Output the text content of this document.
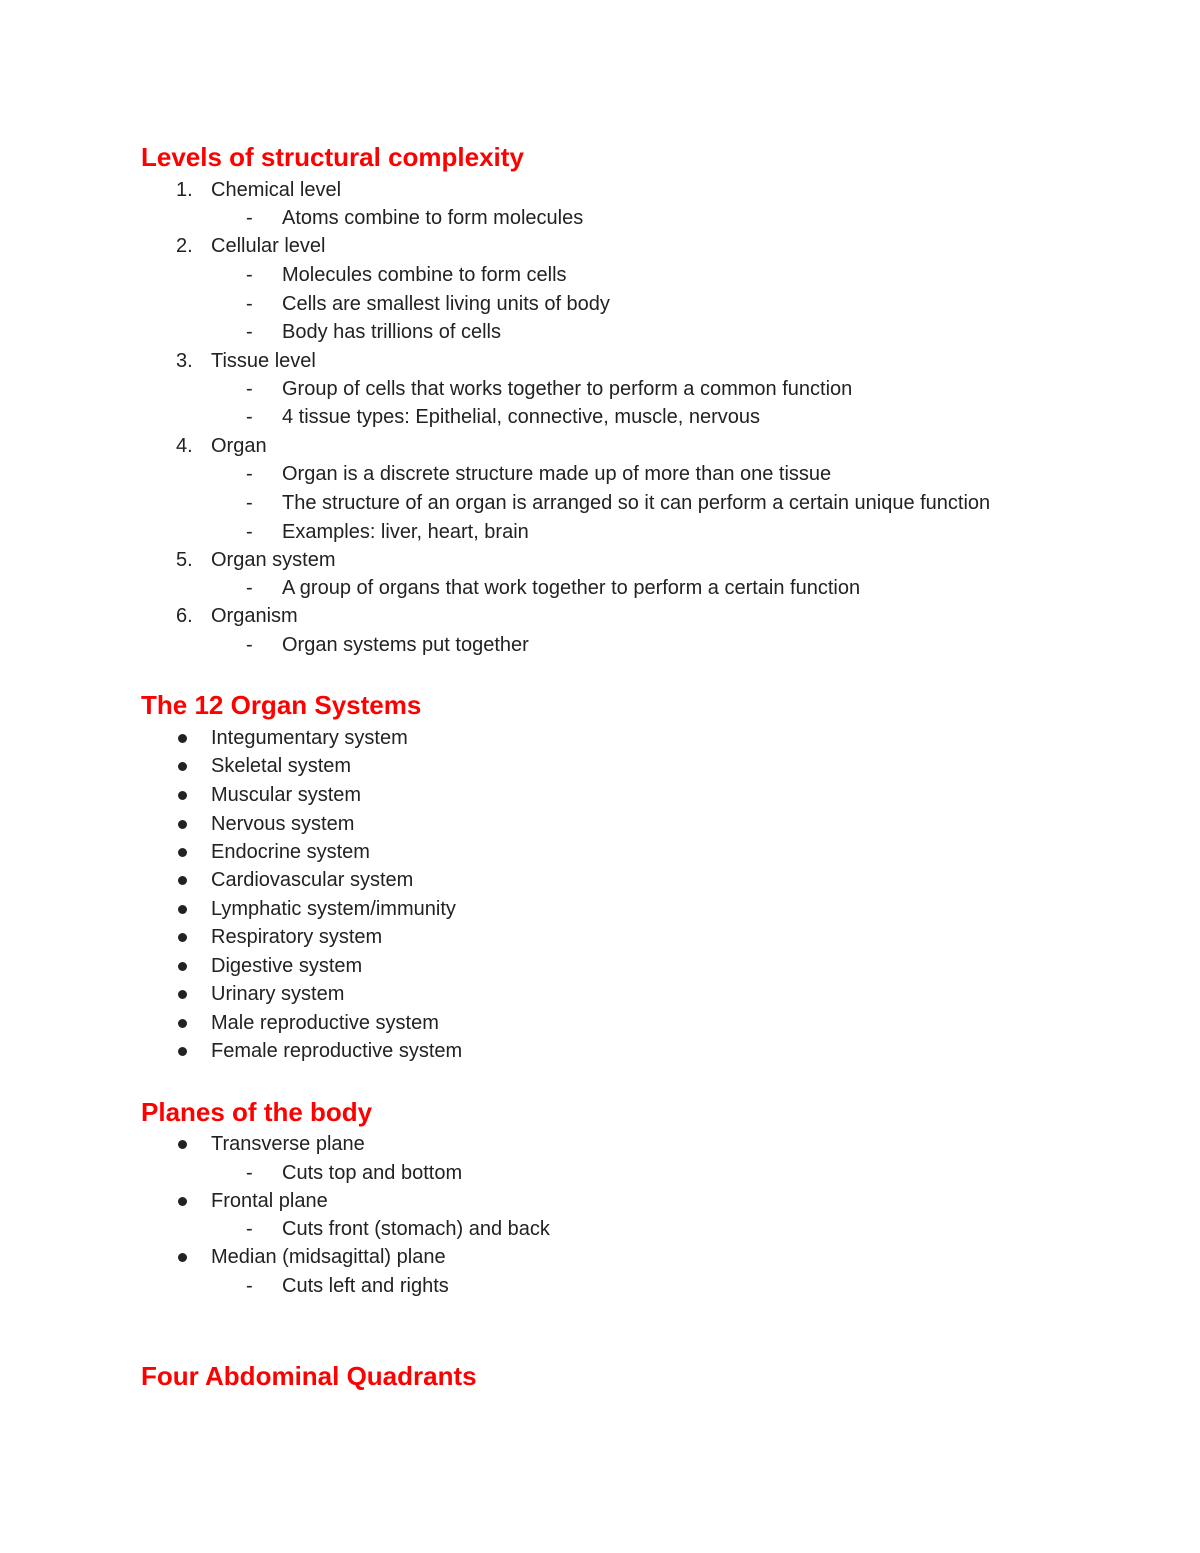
Levels of structural complexity
1. Chemical level
- Atoms combine to form molecules
2. Cellular level
- Molecules combine to form cells
- Cells are smallest living units of body
- Body has trillions of cells
3. Tissue level
- Group of cells that works together to perform a common function
- 4 tissue types: Epithelial, connective, muscle, nervous
4. Organ
- Organ is a discrete structure made up of more than one tissue
- The structure of an organ is arranged so it can perform a certain unique function
- Examples: liver, heart, brain
5. Organ system
- A group of organs that work together to perform a certain function
6. Organism
- Organ systems put together
The 12 Organ Systems
Integumentary system
Skeletal system
Muscular system
Nervous system
Endocrine system
Cardiovascular system
Lymphatic system/immunity
Respiratory system
Digestive system
Urinary system
Male reproductive system
Female reproductive system
Planes of the body
Transverse plane
- Cuts top and bottom
Frontal plane
- Cuts front (stomach) and back
Median (midsagittal) plane
- Cuts left and rights
Four Abdominal Quadrants
